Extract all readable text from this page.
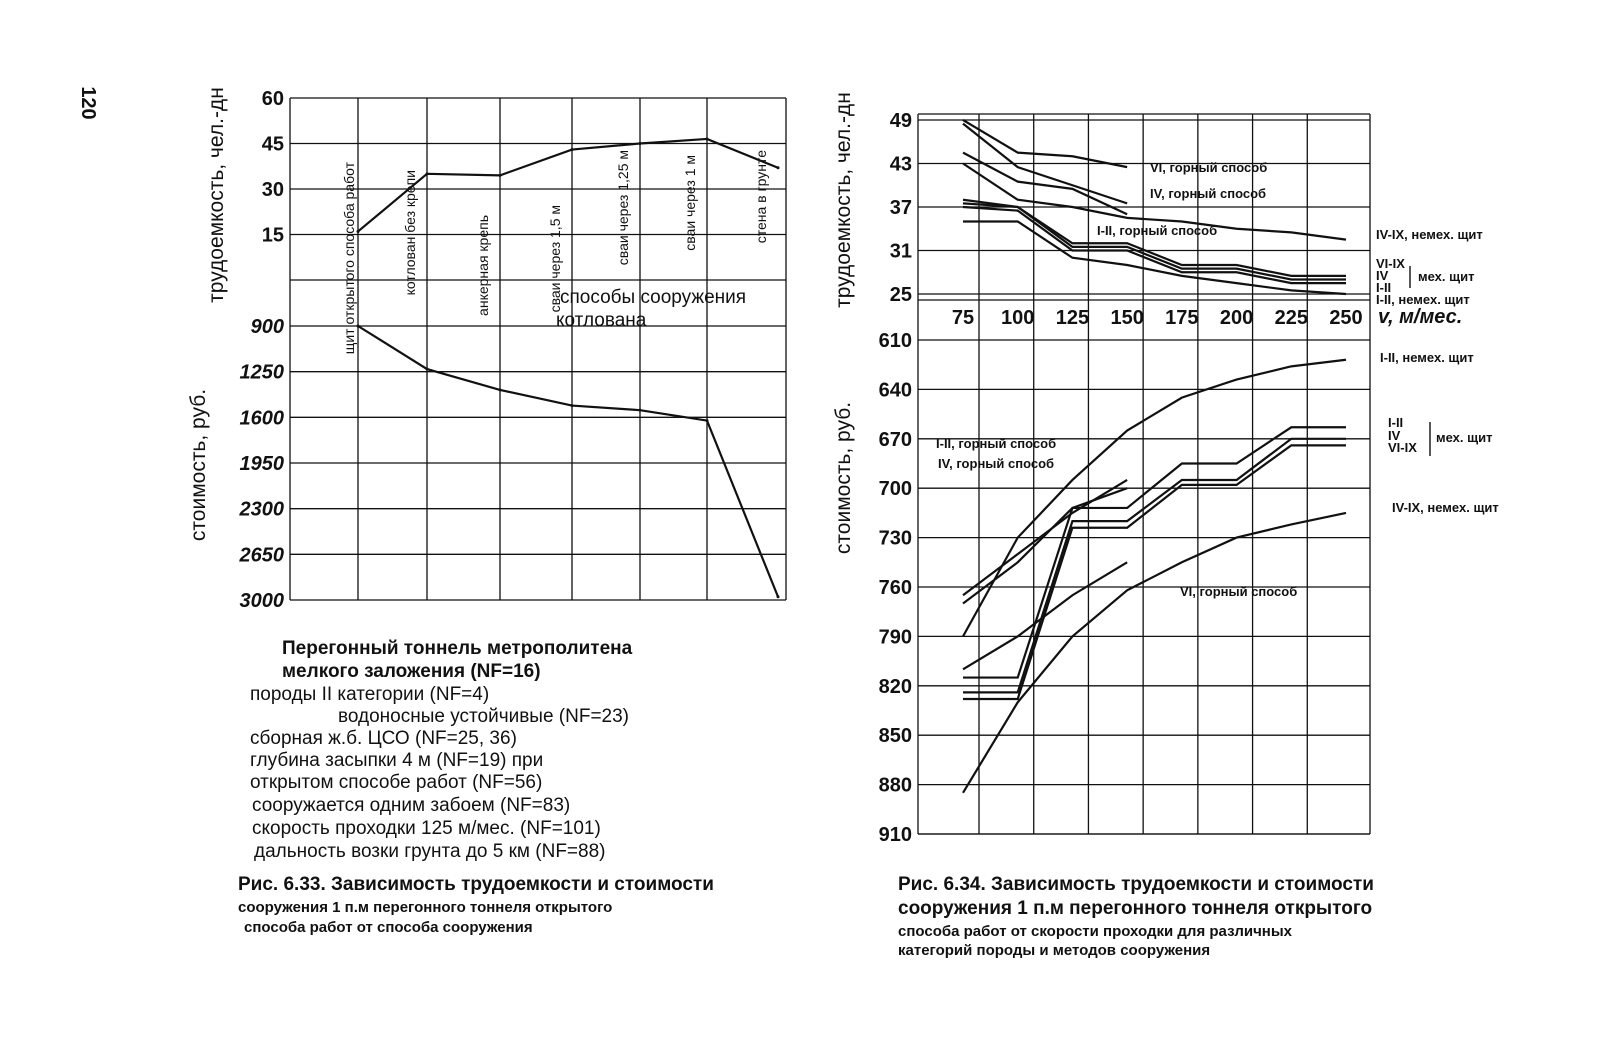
120
15
30
45
60
900
1250
1600
1950
2300
2650
3000
щит открытого способа работ	котлован без крепи	анкерная крепь	сваи через 1,5 м	сваи через 1,25 м	сваи через 1 м	стена в грунте
трудоемкость, чел.-дн
стоимость, руб.
способы сооружения
котлована
Перегонный тоннель метрополитена
мелкого заложения (NF=16)
породы II категории (NF=4)
водоносные устойчивые (NF=23)
сборная ж.б. ЦСО (NF=25, 36)
глубина засыпки 4 м (NF=19) при
открытом способе работ (NF=56)
сооружается одним забоем (NF=83)
скорость проходки 125 м/мес. (NF=101)
дальность возки грунта до 5 км (NF=88)
Рис. 6.33. Зависимость трудоемкости и стоимости
сооружения 1 п.м перегонного тоннеля открытого
способа работ от способа сооружения
25
31
37
43
49
610
640
670
700
730
760
790
820
850
880
910
75 100 125 150 175 200 225 250 v, м/мес.
трудоемкость, чел.-дн
стоимость, руб.
VI, горный способ
IV, горный способ
I-II, горный способ	IV-IX, немех. щит
VI-IX
IV
I-II
мех. щит
I-II, немех. щит
I-II, немех. щит
I-II, горный способ
IV, горный способ
I-II
IV
VI-IX
мех. щит
IV-IX, немех. щит
VI, горный способ
Рис. 6.34. Зависимость трудоемкости и стоимости
сооружения 1 п.м перегонного тоннеля открытого
способа работ от скорости проходки для различных
категорий породы и методов сооружения
